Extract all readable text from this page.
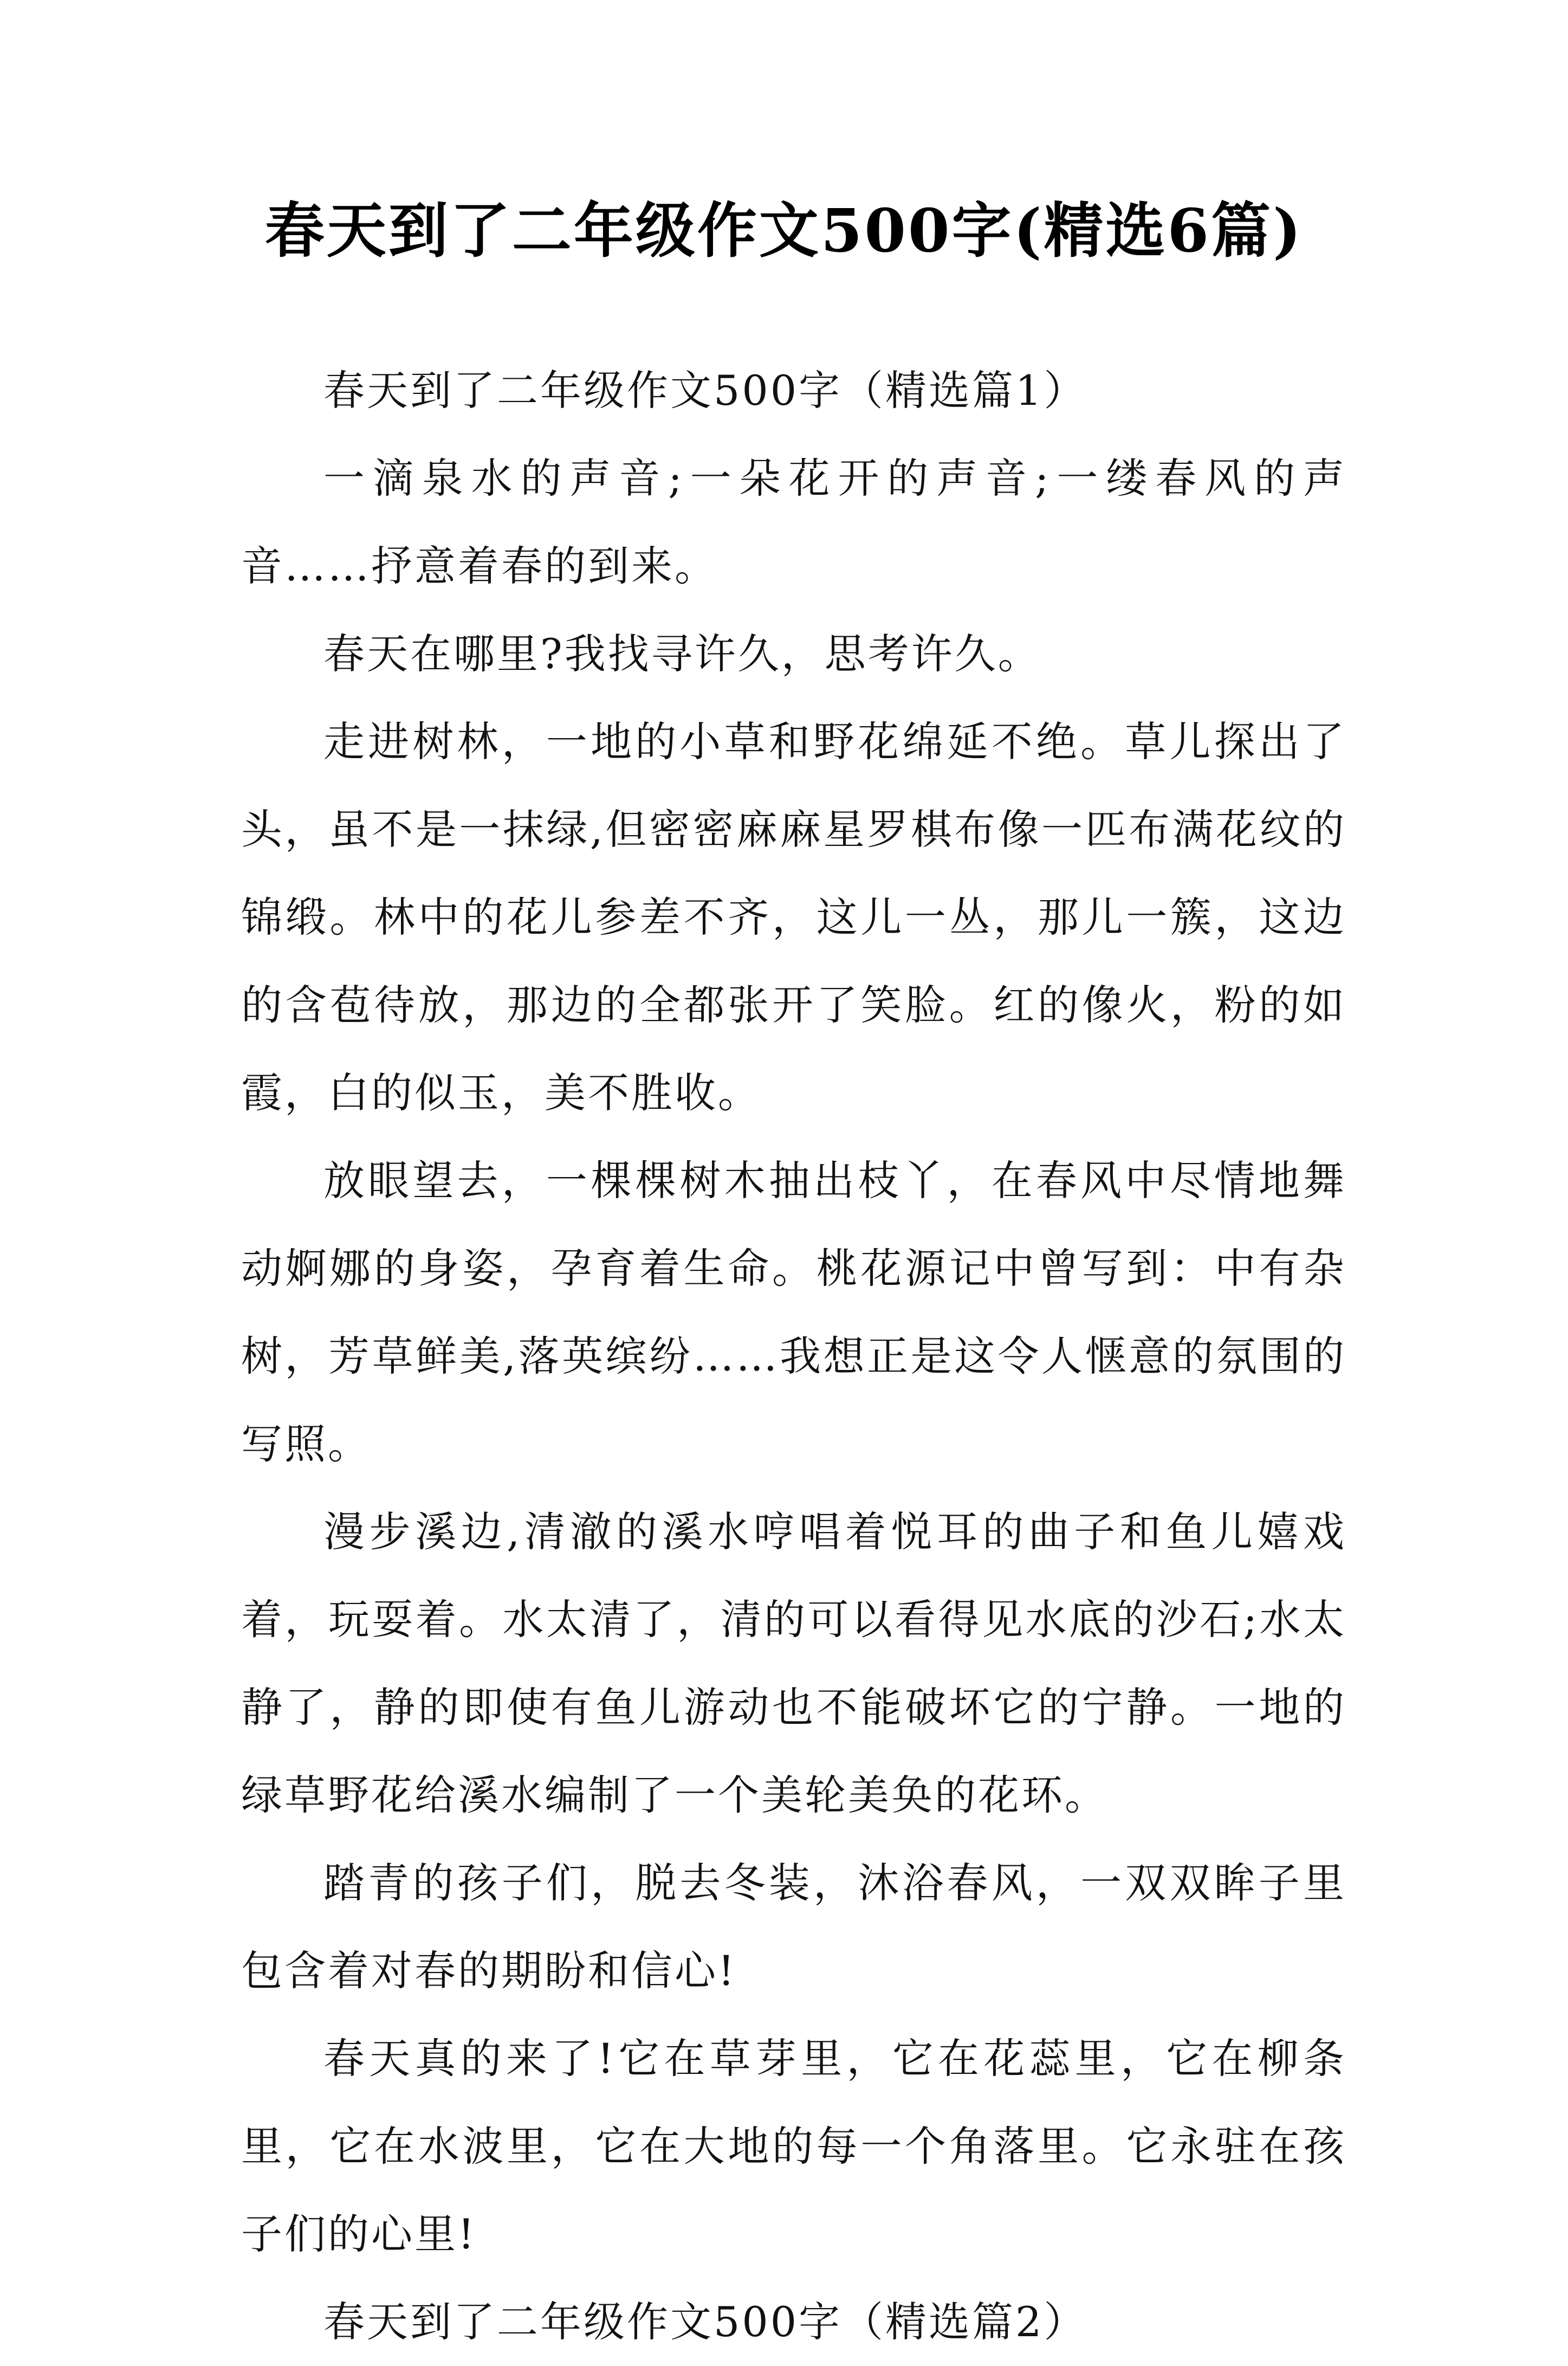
春天到了二年级作文500字(精选6篇)

春天到了二年级作文500字（精选篇1）

一滴泉水的声音;一朵花开的声音;一缕春风的声音……抒意着春的到来。

春天在哪里?我找寻许久，思考许久。

走进树林，一地的小草和野花绵延不绝。草儿探出了头，虽不是一抹绿,但密密麻麻星罗棋布像一匹布满花纹的锦缎。林中的花儿参差不齐，这儿一丛，那儿一簇，这边的含苞待放，那边的全都张开了笑脸。红的像火，粉的如霞，白的似玉，美不胜收。

放眼望去，一棵棵树木抽出枝丫，在春风中尽情地舞动婀娜的身姿，孕育着生命。桃花源记中曾写到：中有杂树，芳草鲜美,落英缤纷……我想正是这令人惬意的氛围的写照。

漫步溪边,清澈的溪水哼唱着悦耳的曲子和鱼儿嬉戏着，玩耍着。水太清了，清的可以看得见水底的沙石;水太静了，静的即使有鱼儿游动也不能破坏它的宁静。一地的绿草野花给溪水编制了一个美轮美奂的花环。

踏青的孩子们，脱去冬装，沐浴春风，一双双眸子里包含着对春的期盼和信心!

春天真的来了!它在草芽里，它在花蕊里，它在柳条里，它在水波里，它在大地的每一个角落里。它永驻在孩子们的心里!

春天到了二年级作文500字（精选篇2）
